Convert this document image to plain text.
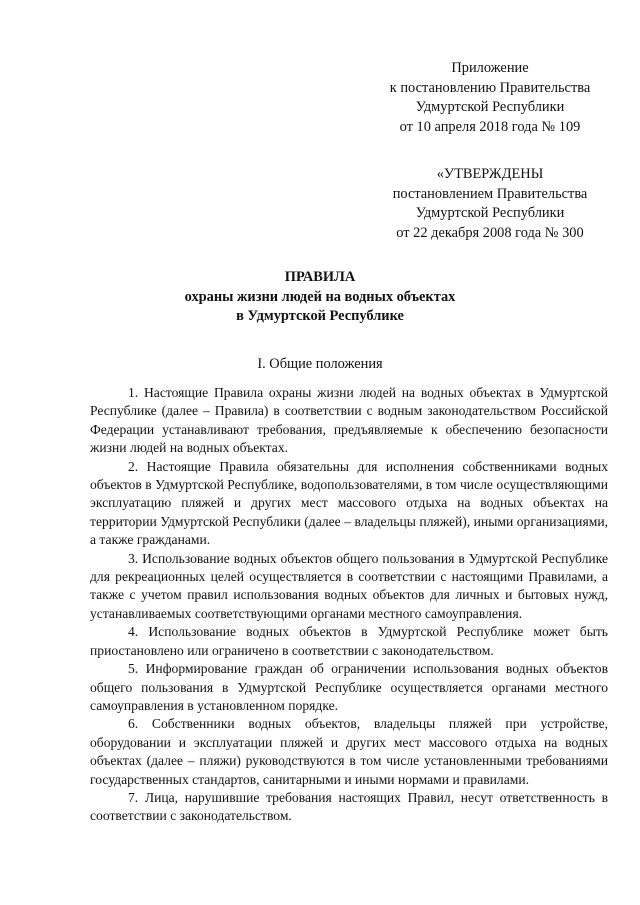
Приложение
к постановлению Правительства
Удмуртской Республики
от 10 апреля 2018 года № 109
«УТВЕРЖДЕНЫ
постановлением Правительства
Удмуртской Республики
от 22 декабря 2008 года № 300
ПРАВИЛА
охраны жизни людей на водных объектах
в Удмуртской Республике
I. Общие положения

1. Настоящие Правила охраны жизни людей на водных объектах в Удмуртской Республике (далее – Правила) в соответствии с водным законодательством Российской Федерации устанавливают требования, предъявляемые к обеспечению безопасности жизни людей на водных объектах.

2. Настоящие Правила обязательны для исполнения собственниками водных объектов в Удмуртской Республике, водопользователями, в том числе осуществляющими эксплуатацию пляжей и других мест массового отдыха на водных объектах на территории Удмуртской Республики (далее – владельцы пляжей), иными организациями, а также гражданами.

3. Использование водных объектов общего пользования в Удмуртской Республике для рекреационных целей осуществляется в соответствии с настоящими Правилами, а также с учетом правил использования водных объектов для личных и бытовых нужд, устанавливаемых соответствующими органами местного самоуправления.

4. Использование водных объектов в Удмуртской Республике может быть приостановлено или ограничено в соответствии с законодательством.

5. Информирование граждан об ограничении использования водных объектов общего пользования в Удмуртской Республике осуществляется органами местного самоуправления в установленном порядке.

6. Собственники водных объектов, владельцы пляжей при устройстве, оборудовании и эксплуатации пляжей и других мест массового отдыха на водных объектах (далее – пляжи) руководствуются в том числе установленными требованиями государственных стандартов, санитарными и иными нормами и правилами.

7. Лица, нарушившие требования настоящих Правил, несут ответственность в соответствии с законодательством.
